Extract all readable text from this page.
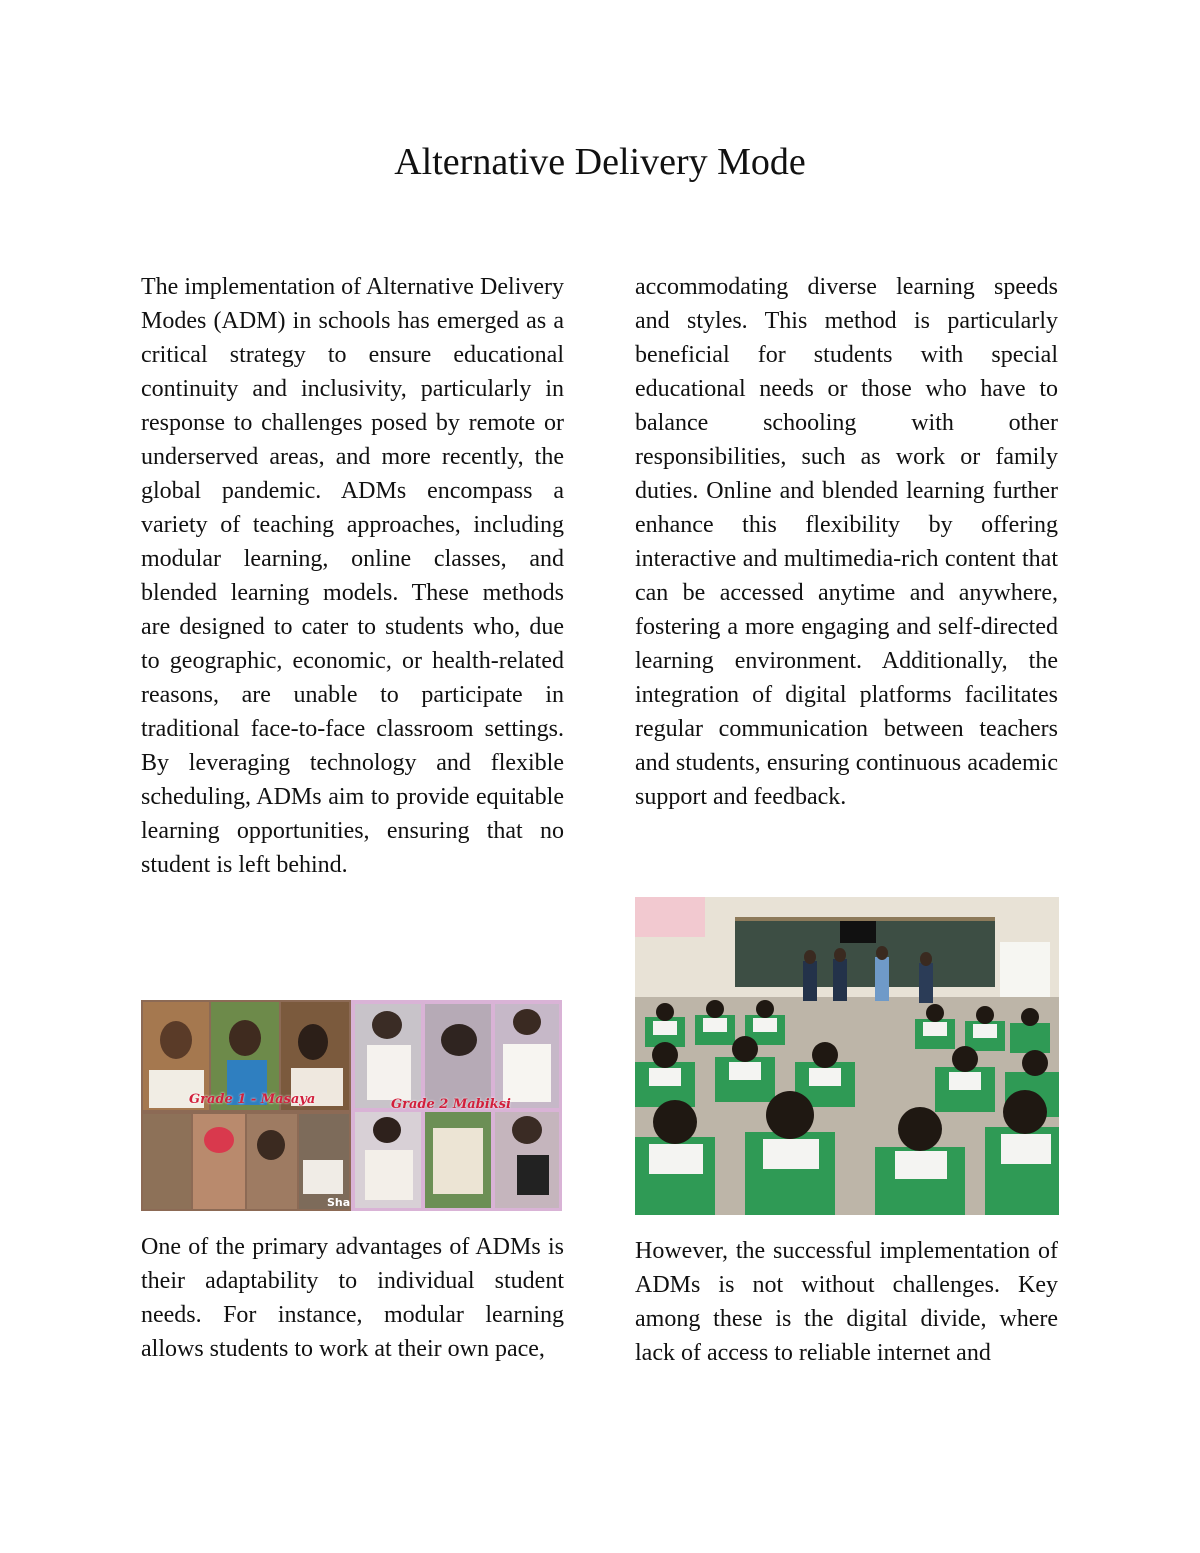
Alternative Delivery Mode

The implementation of Alternative Delivery Modes (ADM) in schools has emerged as a critical strategy to ensure educational continuity and inclusivity, particularly in response to challenges posed by remote or underserved areas, and more recently, the global pandemic. ADMs encompass a variety of teaching approaches, including modular learning, online classes, and blended learning models. These methods are designed to cater to students who, due to geographic, economic, or health-related reasons, are unable to participate in traditional face-to-face classroom settings. By leveraging technology and flexible scheduling, ADMs aim to provide equitable learning opportunities, ensuring that no student is left behind.

accommodating diverse learning speeds and styles. This method is particularly beneficial for students with special educational needs or those who have to balance schooling with other responsibilities, such as work or family duties. Online and blended learning further enhance this flexibility by offering interactive and multimedia-rich content that can be accessed anytime and anywhere, fostering a more engaging and self-directed learning environment. Additionally, the integration of digital platforms facilitates regular communication between teachers and students, ensuring continuous academic support and feedback.

Grade 1 - Masaya	Grade 2 Mabiksi
Sha

One of the primary advantages of ADMs is their adaptability to individual student needs. For instance, modular learning allows students to work at their own pace,

However, the successful implementation of ADMs is not without challenges. Key among these is the digital divide, where lack of access to reliable internet and
